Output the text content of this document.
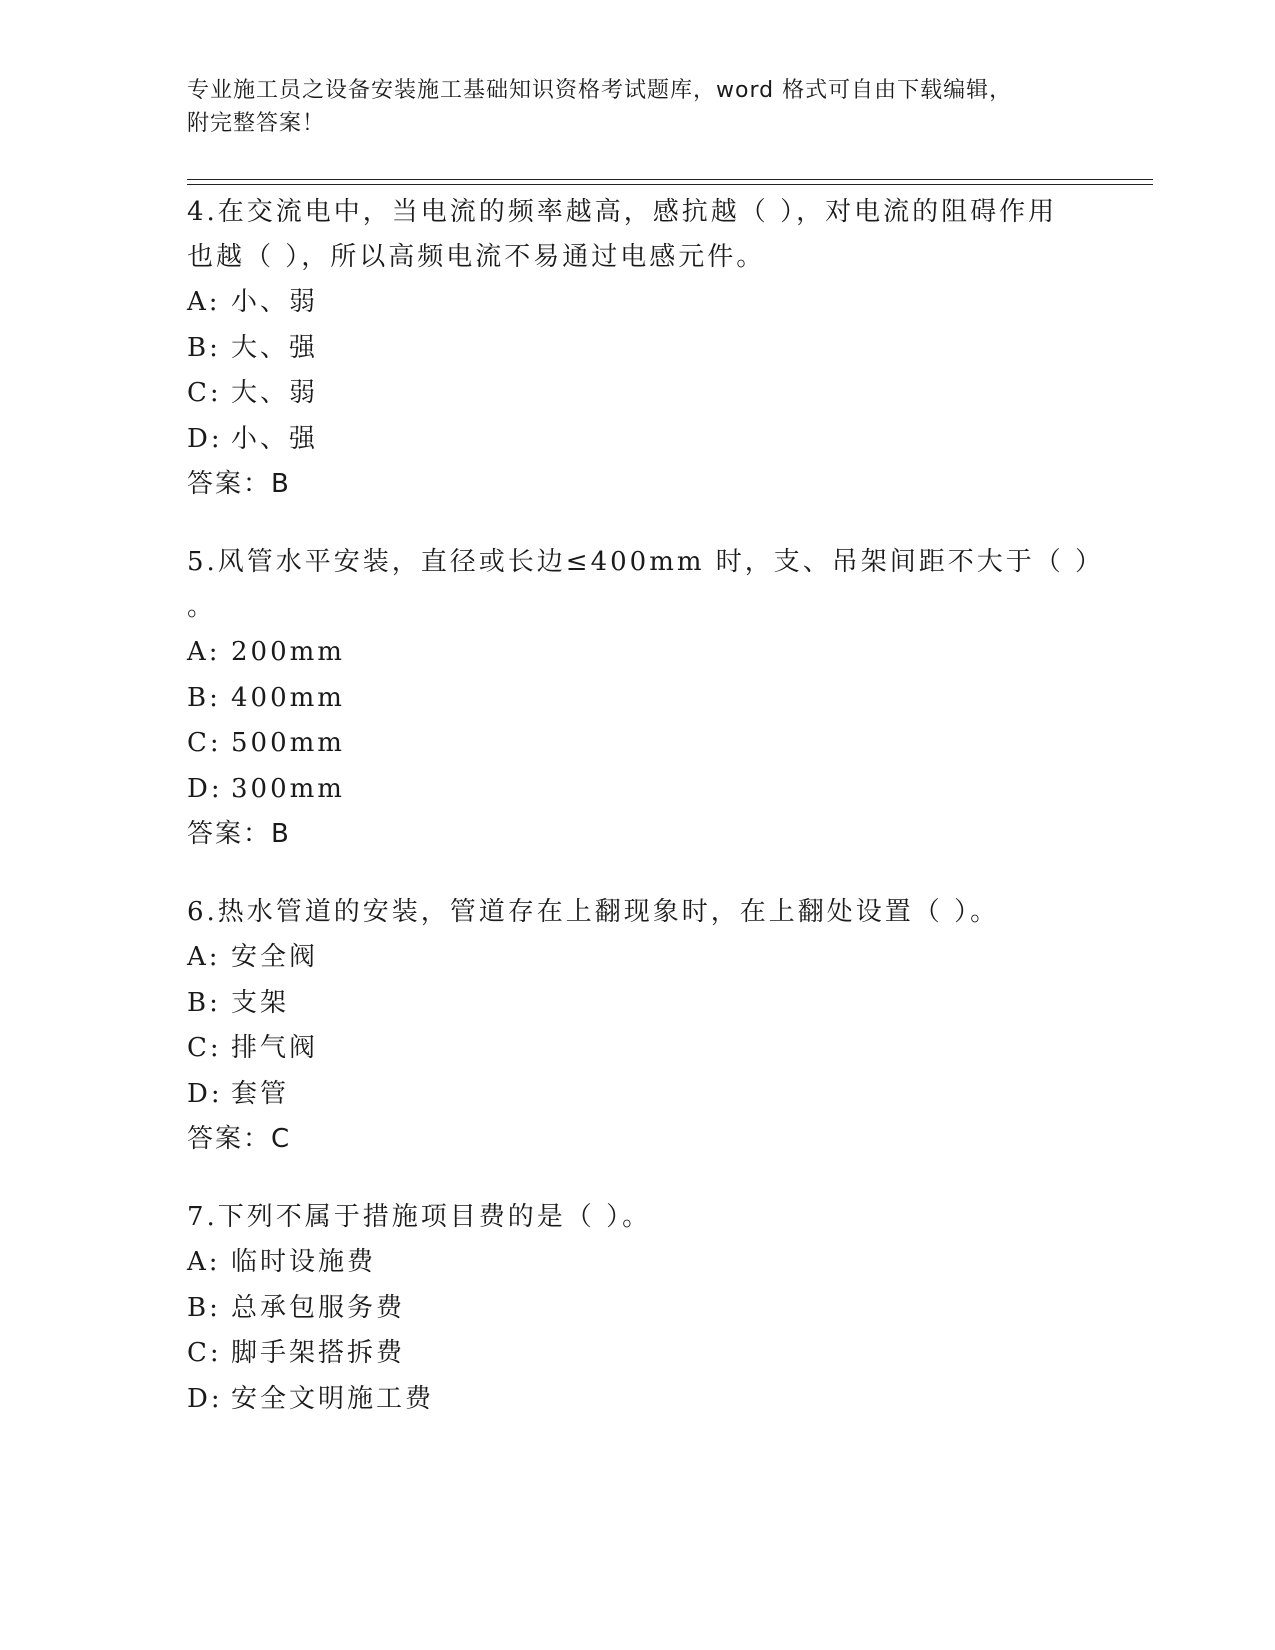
专业施工员之设备安装施工基础知识资格考试题库，word 格式可自由下载编辑，
附完整答案！
4.在交流电中，当电流的频率越高，感抗越（ ），对电流的阻碍作用
也越（ ），所以高频电流不易通过电感元件。
A: 小、弱
B: 大、强
C: 大、弱
D: 小、强
答案：B
5.风管水平安装，直径或长边≤400mm 时，支、吊架间距不大于（ ）
。
A: 200mm
B: 400mm
C: 500mm
D: 300mm
答案：B
6.热水管道的安装，管道存在上翻现象时，在上翻处设置（ ）。
A: 安全阀
B: 支架
C: 排气阀
D: 套管
答案：C
7.下列不属于措施项目费的是（ ）。
A: 临时设施费
B: 总承包服务费
C: 脚手架搭拆费
D: 安全文明施工费
